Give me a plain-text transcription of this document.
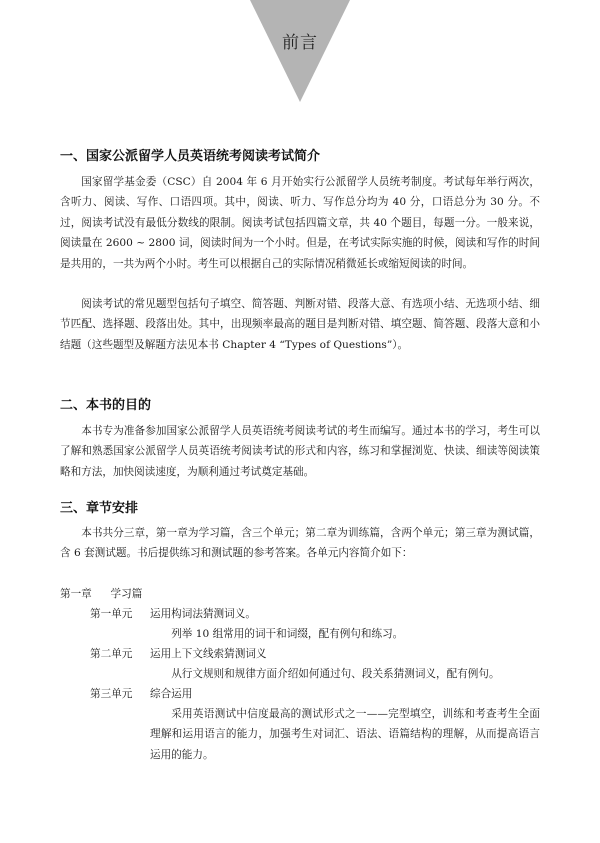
前言
一、国家公派留学人员英语统考阅读考试简介

国家留学基金委（CSC）自 2004 年 6 月开始实行公派留学人员统考制度。考试每年举行两次，含听力、阅读、写作、口语四项。其中，阅读、听力、写作总分均为 40 分，口语总分为 30 分。不过，阅读考试没有最低分数线的限制。阅读考试包括四篇文章，共 40 个题目，每题一分。一般来说，阅读量在 2600 ~ 2800 词，阅读时间为一个小时。但是，在考试实际实施的时候，阅读和写作的时间是共用的，一共为两个小时。考生可以根据自己的实际情况稍微延长或缩短阅读的时间。

阅读考试的常见题型包括句子填空、简答题、判断对错、段落大意、有选项小结、无选项小结、细节匹配、选择题、段落出处。其中，出现频率最高的题目是判断对错、填空题、简答题、段落大意和小结题（这些题型及解题方法见本书 Chapter 4 “Types of Questions”）。

二、本书的目的

本书专为准备参加国家公派留学人员英语统考阅读考试的考生而编写。通过本书的学习，考生可以了解和熟悉国家公派留学人员英语统考阅读考试的形式和内容，练习和掌握浏览、快读、细读等阅读策略和方法，加快阅读速度，为顺利通过考试奠定基础。

三、章节安排

本书共分三章，第一章为学习篇，含三个单元；第二章为训练篇，含两个单元；第三章为测试篇，含 6 套测试题。书后提供练习和测试题的参考答案。各单元内容简介如下：

第一章 学习篇
第一单元 运用构词法猜测词义。

列举 10 组常用的词干和词缀，配有例句和练习。

第二单元 运用上下文线索猜测词义

从行文规则和规律方面介绍如何通过句、段关系猜测词义，配有例句。

第三单元 综合运用

采用英语测试中信度最高的测试形式之一——完型填空，训练和考查考生全面理解和运用语言的能力，加强考生对词汇、语法、语篇结构的理解，从而提高语言运用的能力。
